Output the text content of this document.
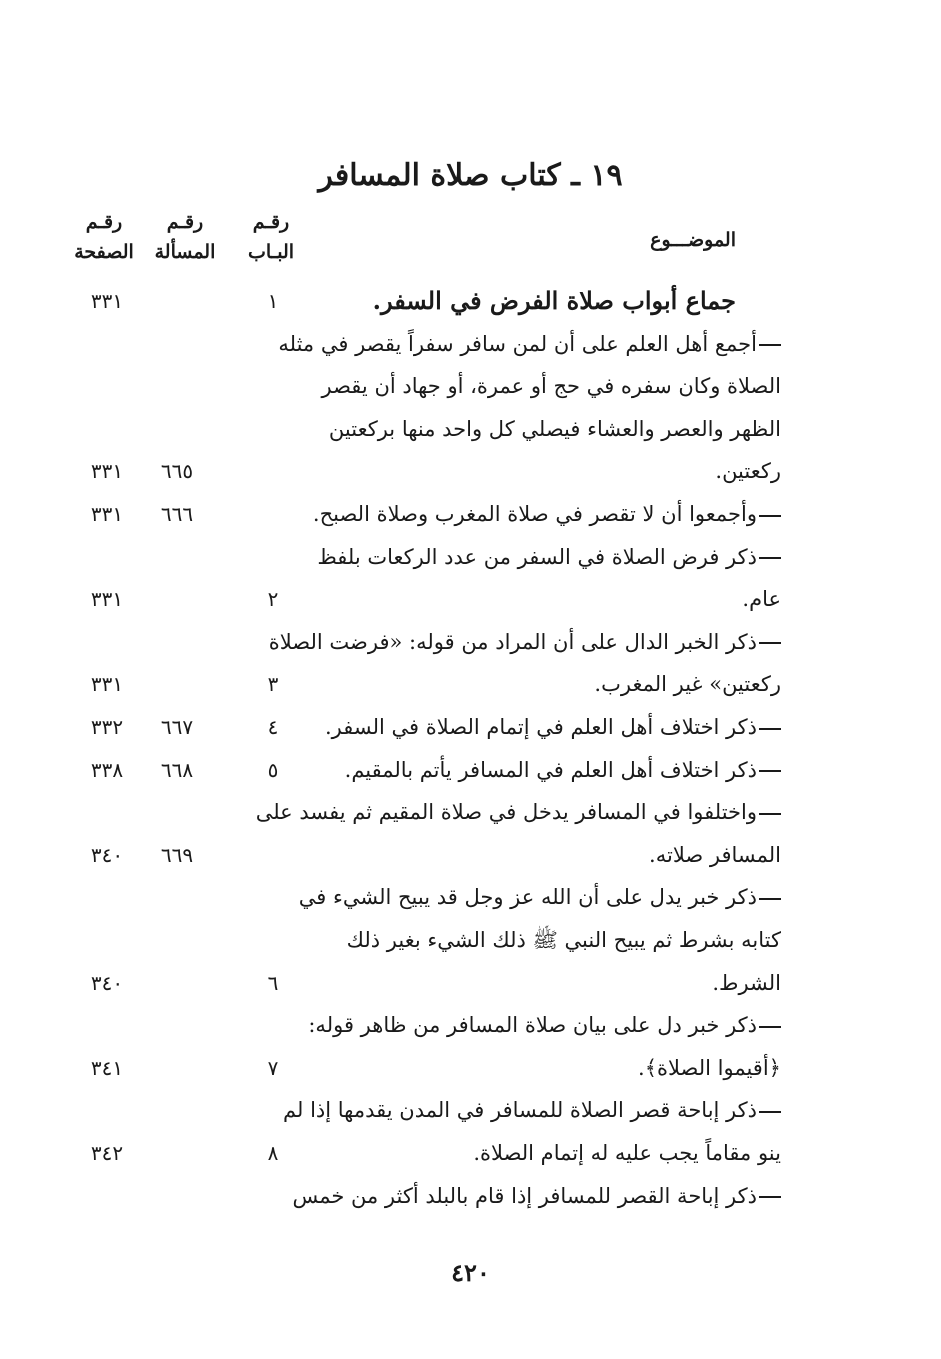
١٩ ـ كتاب صلاة المسافر
الموضـــوع
رقـم البـاب
رقـم المسألة
رقـم الصفحة
جماع أبواب صلاة الفرض في السفر.
١
٣٣١
أجمع أهل العلم على أن لمن سافر سفراً يقصر في مثله
الصلاة وكان سفره في حج أو عمرة، أو جهاد أن يقصر
الظهر والعصر والعشاء فيصلي كل واحد منها بركعتين
ركعتين.
٦٦٥
٣٣١
وأجمعوا أن لا تقصر في صلاة المغرب وصلاة الصبح.
٦٦٦
٣٣١
ذكر فرض الصلاة في السفر من عدد الركعات بلفظ
عام.
٢
٣٣١
ذكر الخبر الدال على أن المراد من قوله: «فرضت الصلاة
ركعتين» غير المغرب.
٣
٣٣١
ذكر اختلاف أهل العلم في إتمام الصلاة في السفر.
٤
٦٦٧
٣٣٢
ذكر اختلاف أهل العلم في المسافر يأتم بالمقيم.
٥
٦٦٨
٣٣٨
واختلفوا في المسافر يدخل في صلاة المقيم ثم يفسد على
المسافر صلاته.
٦٦٩
٣٤٠
ذكر خبر يدل على أن الله عز وجل قد يبيح الشيء في
كتابه بشرط ثم يبيح النبي ﷺ ذلك الشيء بغير ذلك
الشرط.
٦
٣٤٠
ذكر خبر دل على بيان صلاة المسافر من ظاهر قوله:
﴿أقيموا الصلاة﴾.
٧
٣٤١
ذكر إباحة قصر الصلاة للمسافر في المدن يقدمها إذا لم
ينو مقاماً يجب عليه له إتمام الصلاة.
٨
٣٤٢
ذكر إباحة القصر للمسافر إذا قام بالبلد أكثر من خمس
٤٢٠
